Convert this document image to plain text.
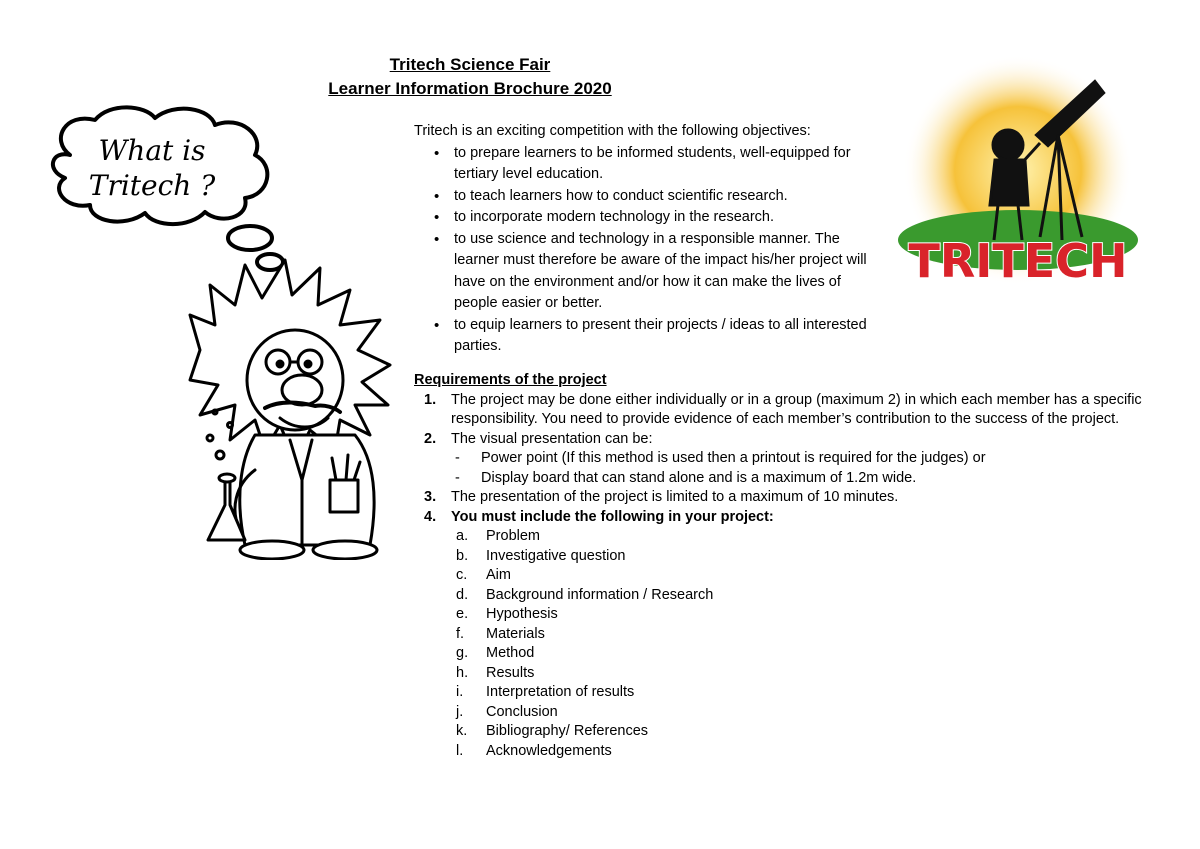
Tritech Science Fair
Learner Information Brochure 2020
What is
Tritech ?
TRITECH

Tritech is an exciting competition with the following objectives:

• to prepare learners to be informed students, well-equipped for tertiary level education.
• to teach learners how to conduct scientific research.
• to incorporate modern technology in the research.
• to use science and technology in a responsible manner. The learner must therefore be aware of the impact his/her project will have on the environment and/or how it can make the lives of people easier or better.
• to equip learners to present their projects / ideas to all interested parties.
Requirements of the project
1. The project may be done either individually or in a group (maximum 2) in which each member has a specific responsibility. You need to provide evidence of each member’s contribution to the success of the project.
2. The visual presentation can be:
- Power point (If this method is used then a printout is required for the judges) or
- Display board that can stand alone and is a maximum of 1.2m wide.
3. The presentation of the project is limited to a maximum of 10 minutes.
4. You must include the following in your project:
a. Problem
b. Investigative question
c. Aim
d. Background information / Research
e. Hypothesis
f. Materials
g. Method
h. Results
i. Interpretation of results
j. Conclusion
k. Bibliography/ References
l. Acknowledgements
